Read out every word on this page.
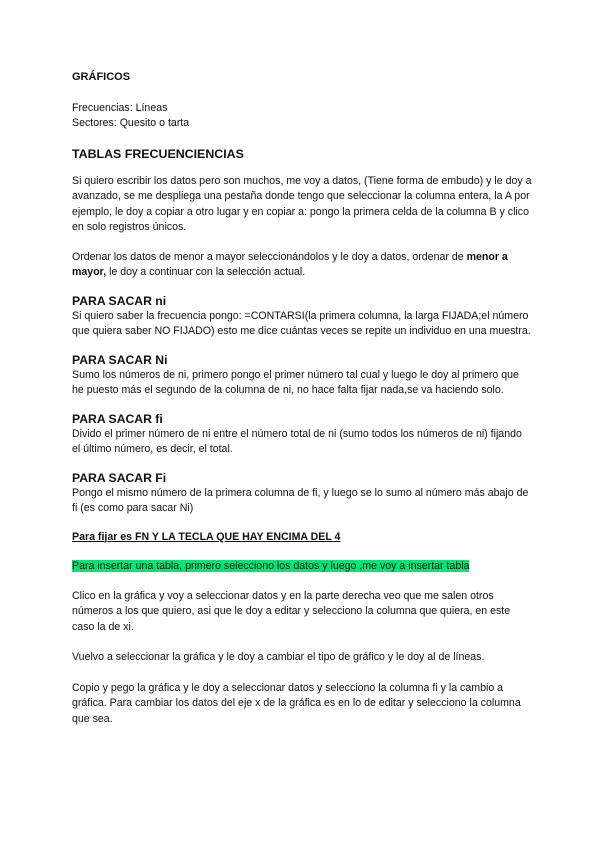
GRÁFICOS

Frecuencias: Líneas

Sectores: Quesito o tarta

TABLAS FRECUENCIENCIAS

Si quiero escribir los datos pero son muchos, me voy a datos, (Tiene forma de embudo) y le doy a avanzado, se me despliega una pestaña donde tengo que seleccionar la columna entera, la A por ejemplo, le doy a copiar a otro lugar y en copiar a: pongo la primera celda de la columna B y clico en solo registros únicos.

Ordenar los datos de menor a mayor seleccionándolos y le doy a datos, ordenar de menor a mayor, le doy a continuar con la selección actual.

PARA SACAR ni

Si quiero saber la frecuencia pongo: =CONTARSI(la primera columna, la larga FIJADA;el número que quiera saber NO FIJADO) esto me dice cuántas veces se repite un individuo en una muestra.

PARA SACAR Ni

Sumo los números de ni, primero pongo el primer número tal cual y luego le doy al primero que he puesto más el segundo de la columna de ni, no hace falta fijar nada,se va haciendo solo.

PARA SACAR fi

Divido el primer número de ni entre el número total de ni (sumo todos los números de ni) fijando el último número, es decir, el total.

PARA SACAR Fi

Pongo el mismo número de la primera columna de fi, y luego se lo sumo al número más abajo de fi (es como para sacar Ni)

Para fijar es FN Y LA TECLA QUE HAY ENCIMA DEL 4

Para insertar una tabla, primero selecciono los datos y luego ,me voy a insertar tabla

Clico en la gráfica y voy a seleccionar datos y en la parte derecha veo que me salen otros números a los que quiero, asi que le doy a editar y selecciono la columna que quiera, en este caso la de xi.

Vuelvo a seleccionar la gráfica y le doy a cambiar el tipo de gráfico y le doy al de líneas.

Copio y pego la gráfica y le doy a seleccionar datos y selecciono la columna fi y la cambio a gráfica. Para cambiar los datos del eje x de la gráfica es en lo de editar y selecciono la columna que sea.
